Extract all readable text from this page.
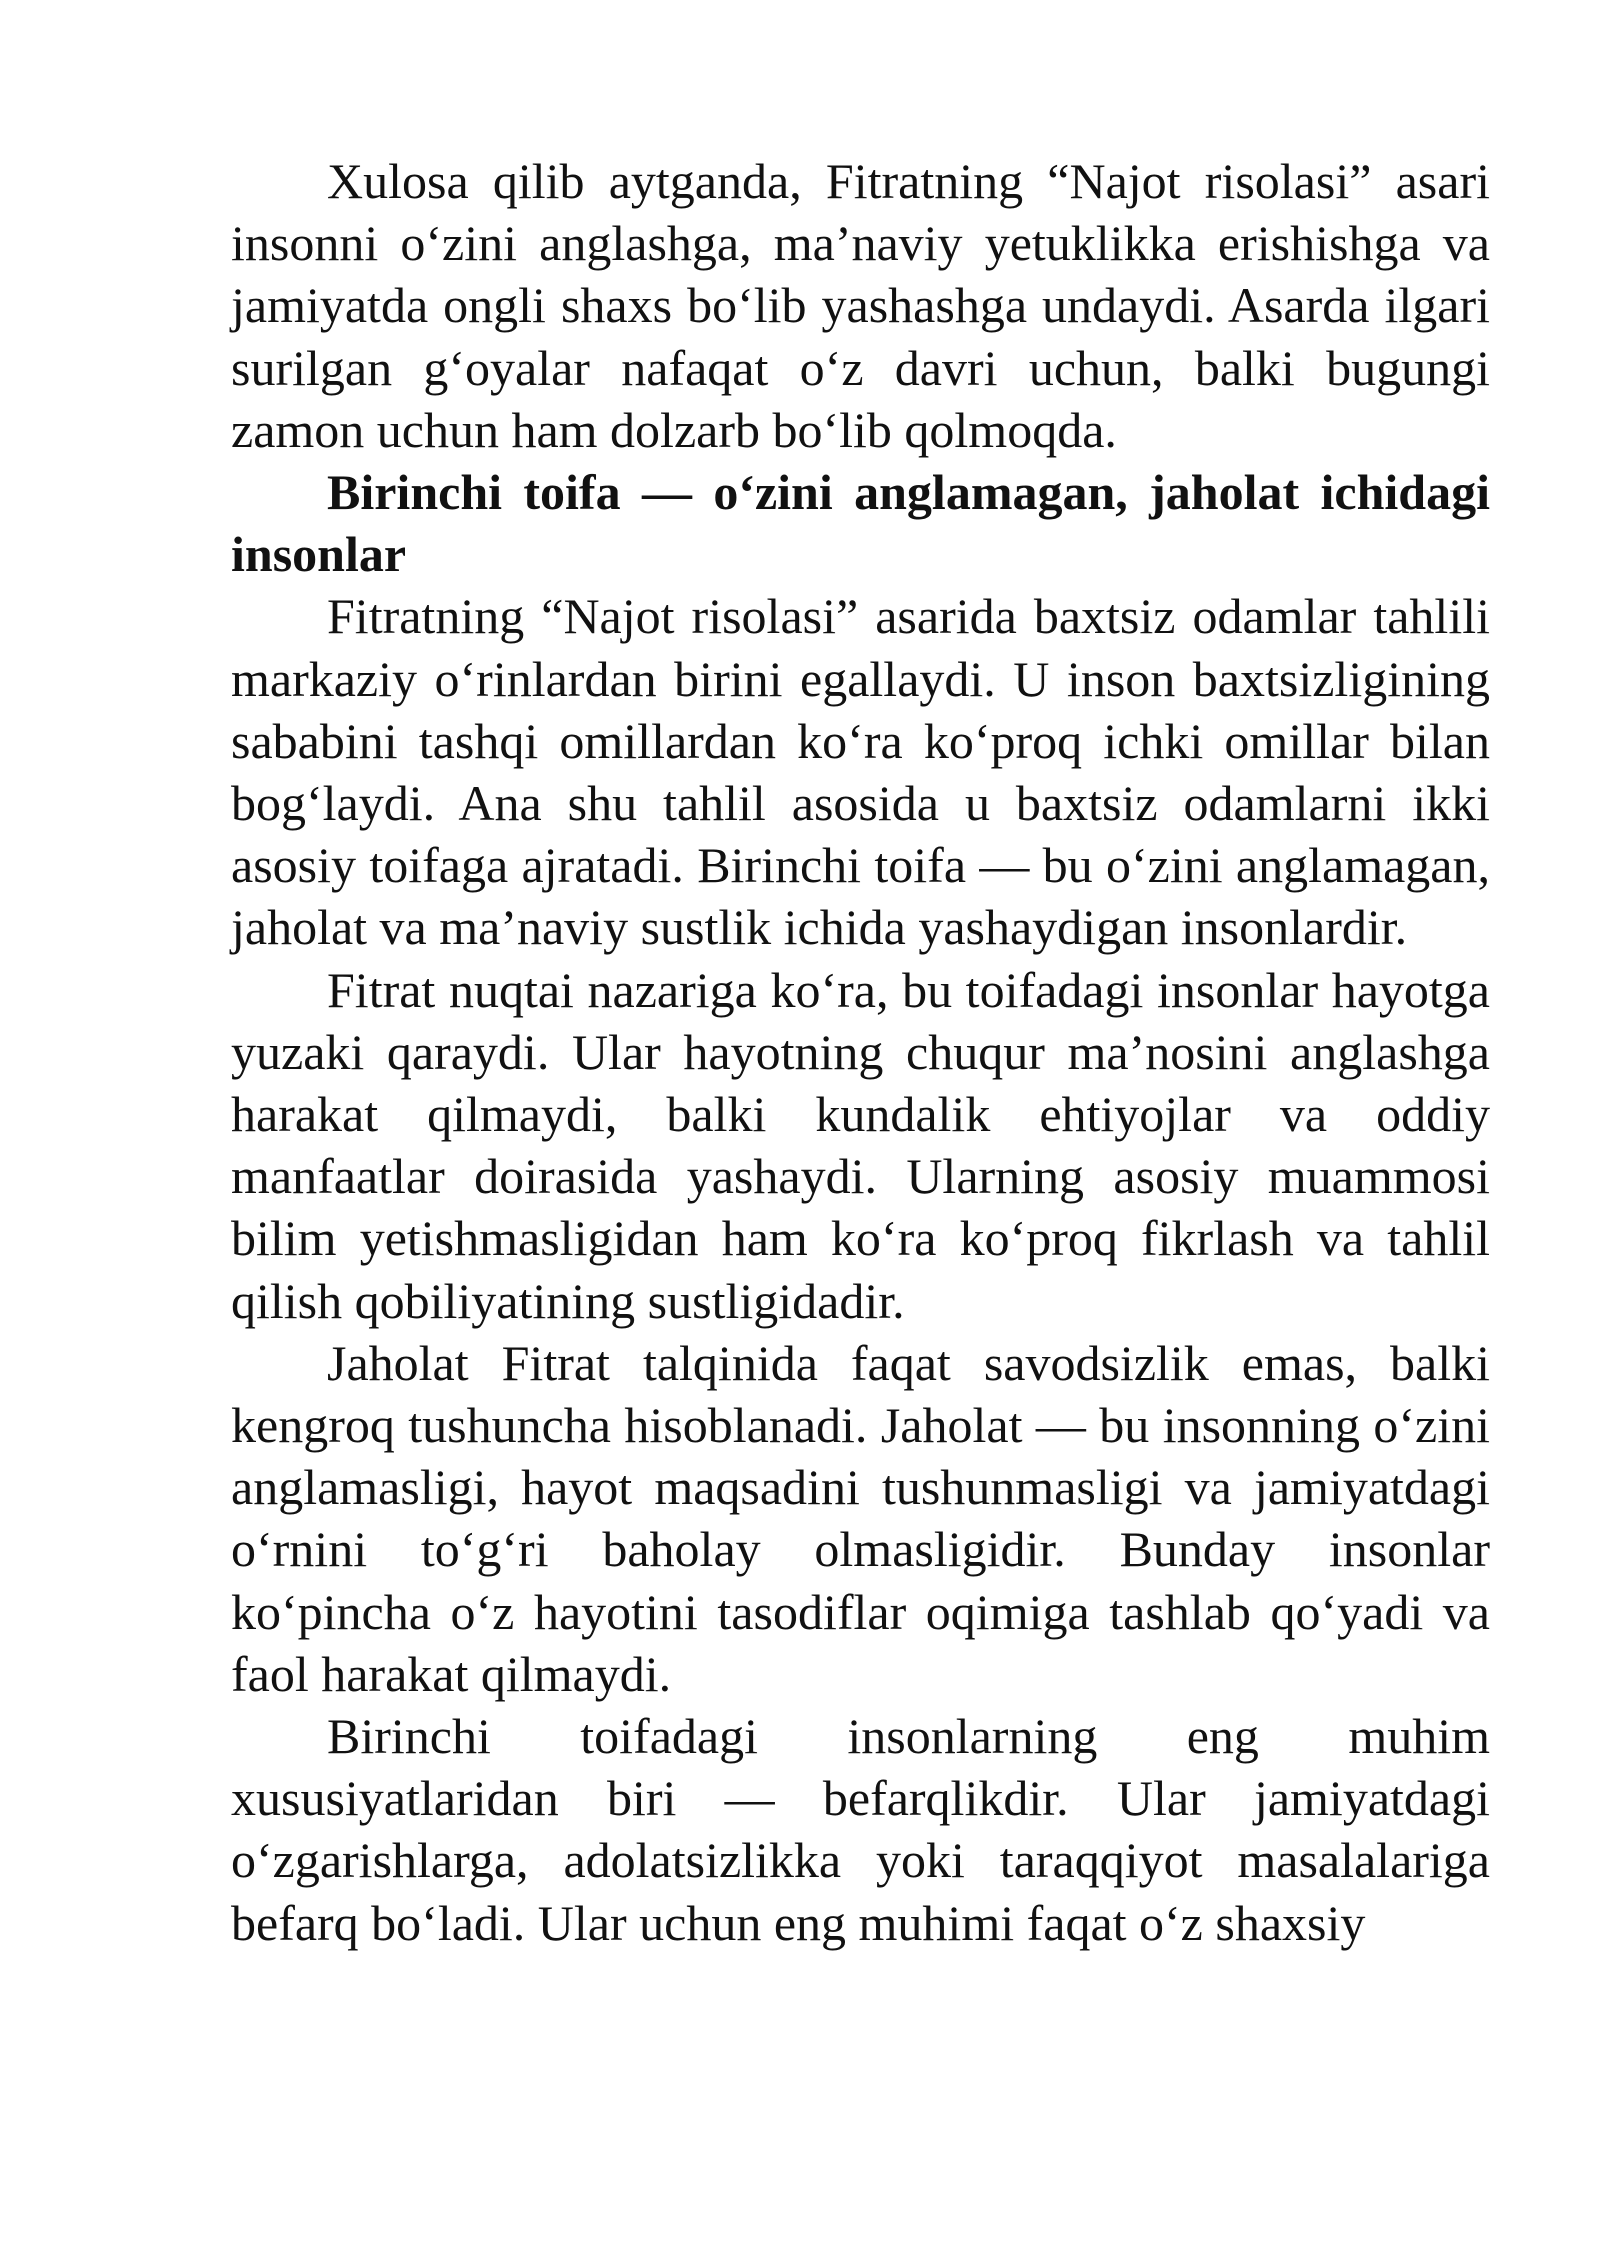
Xulosa qilib aytganda, Fitratning “Najot risolasi” asari insonni o‘zini anglashga, ma’naviy yetuklikka erishishga va jamiyatda ongli shaxs bo‘lib yashashga undaydi. Asarda ilgari surilgan g‘oyalar nafaqat o‘z davri uchun, balki bugungi zamon uchun ham dolzarb bo‘lib qolmoqda.

Birinchi toifa — o‘zini anglamagan, jaholat ichidagi insonlar

Fitratning “Najot risolasi” asarida baxtsiz odamlar tahlili markaziy o‘rinlardan birini egallaydi. U inson baxtsizligining sababini tashqi omillardan ko‘ra ko‘proq ichki omillar bilan bog‘laydi. Ana shu tahlil asosida u baxtsiz odamlarni ikki asosiy toifaga ajratadi. Birinchi toifa — bu o‘zini anglamagan, jaholat va ma’naviy sustlik ichida yashaydigan insonlardir.

Fitrat nuqtai nazariga ko‘ra, bu toifadagi insonlar hayotga yuzaki qaraydi. Ular hayotning chuqur ma’nosini anglashga harakat qilmaydi, balki kundalik ehtiyojlar va oddiy manfaatlar doirasida yashaydi. Ularning asosiy muammosi bilim yetishmasligidan ham ko‘ra ko‘proq fikrlash va tahlil qilish qobiliyatining sustligidadir.

Jaholat Fitrat talqinida faqat savodsizlik emas, balki kengroq tushuncha hisoblanadi. Jaholat — bu insonning o‘zini anglamasligi, hayot maqsadini tushunmasligi va jamiyatdagi o‘rnini to‘g‘ri baholay olmasligidir. Bunday insonlar ko‘pincha o‘z hayotini tasodiflar oqimiga tashlab qo‘yadi va faol harakat qilmaydi.

Birinchi toifadagi insonlarning eng muhim xususiyatlaridan biri — befarqlikdir. Ular jamiyatdagi o‘zgarishlarga, adolatsizlikka yoki taraqqiyot masalalariga befarq bo‘ladi. Ular uchun eng muhimi faqat o‘z shaxsiy
